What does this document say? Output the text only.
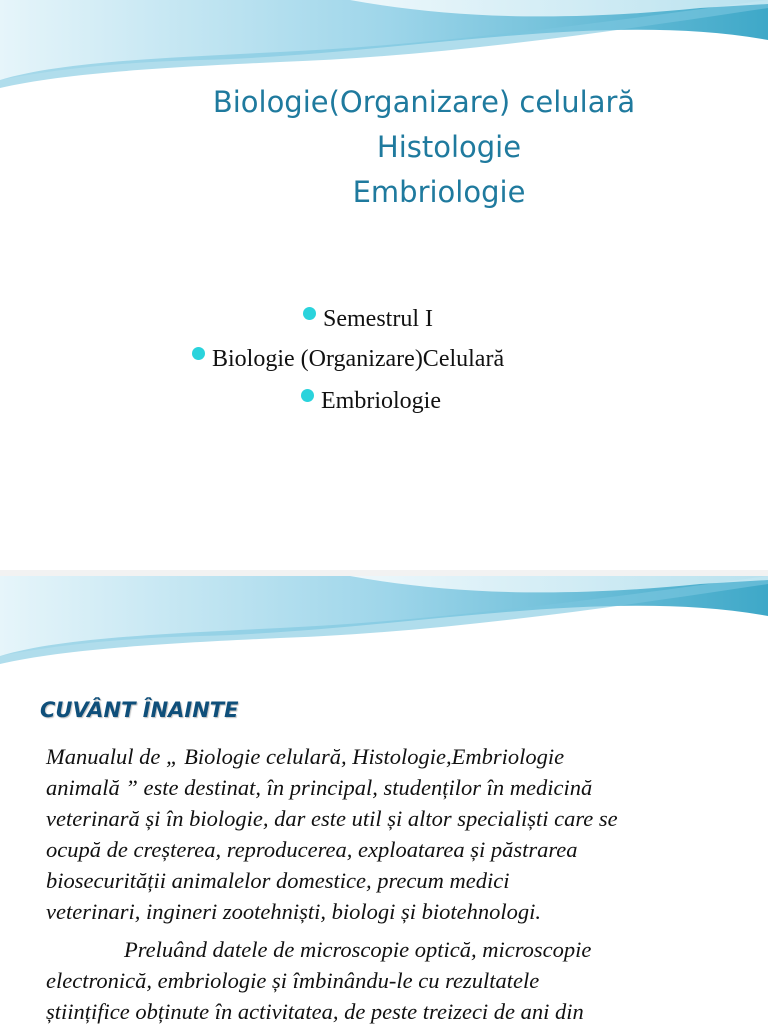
Biologie(Organizare) celulară
Histologie
Embriologie
Semestrul I
Biologie (Organizare)Celulară
Embriologie
CUVÂNT ÎNAINTE
Manualul de „ Biologie celulară, Histologie,Embriologie
animală ” este destinat, în principal, studenților în medicină
veterinară și în biologie, dar este util și altor specialiști care se
ocupă de creșterea, reproducerea, exploatarea și păstrarea
biosecurității animalelor domestice, precum medici
veterinari, ingineri zootehniști, biologi și biotehnologi.
Preluând datele de microscopie optică, microscopie
electronică, embriologie și îmbinându-le cu rezultatele
științifice obținute în activitatea, de peste treizeci de ani din
